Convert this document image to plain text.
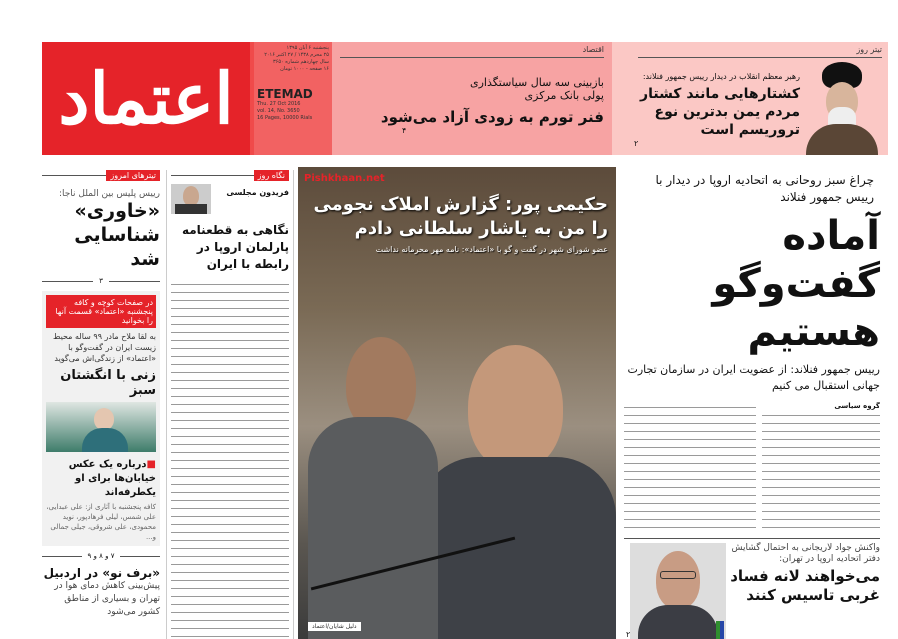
اعتماد
پنجشنبه ۶ آبان ۱۳۹۵
۲۵ محرم ۱۴۳۸ / ۲۷ اکتبر ۲۰۱۶
سال چهاردهم شماره ۳۶۵۰
۱۶ صفحه - ۱۰۰۰ تومان
ETEMAD
Thu. 27 Oct 2016
vol. 14, No. 3650
16 Pages, 10000 Rials
اقتصاد
بازبینی سه سال سیاستگذاری پولی بانک مرکزی
فنر تورم به زودی آزاد می‌شود
۴
تیتر روز
رهبر معظم انقلاب در دیدار رییس جمهور فنلاند:
کشتارهایی مانند کشتار مردم یمن بدترین نوع تروریسم است
۲
تیترهای امروز
رییس پلیس بین الملل ناجا:
«خاوری» شناسایی شد
۳
در صفحات کوچه و کافه پنجشنبه «اعتماد» قسمت آنها را بخوانید
به لقا ملاح مادر ۹۹ ساله محیط زیست ایران در گفت‌وگو با «اعتماد» از زندگی‌اش می‌گوید
زنی با انگشتان سبز
■درباره یک عکس خیابان‌ها برای او یکطرفه‌اند
کافه پنجشنبه با آثاری از: علی عبدایی، علی شمس، لیلی فرهادپور، نوید محمودی، علی شروقی، جیلی جمالی و...
۷ و ۸ و ۹
«برف نو» در اردبیل
پیش‌بینی کاهش دمای هوا در تهران و بسیاری از مناطق کشور می‌شود
نگاه روز
فریدون مجلسی
نگاهی به قطعنامه پارلمان اروپا در رابطه با ایران
Pishkhaan.net
حکیمی پور: گزارش املاک نجومی را من به یاشار سلطانی دادم
عضو شورای شهر در گفت و گو با «اعتماد»: نامه مهر محرمانه نداشت
دلیل شایان/اعتماد
چراغ سبز روحانی به اتحادیه اروپا در دیدار با رییس جمهور فنلاند
آماده گفت‌وگو هستیم
رییس جمهور فنلاند: از عضویت ایران در سازمان تجارت جهانی استقبال می کنیم
گروه سیاسی
واکنش جواد لاریجانی به احتمال گشایش دفتر اتحادیه اروپا در تهران:
می‌خواهند لانه فساد غربی تاسیس کنند
۲
